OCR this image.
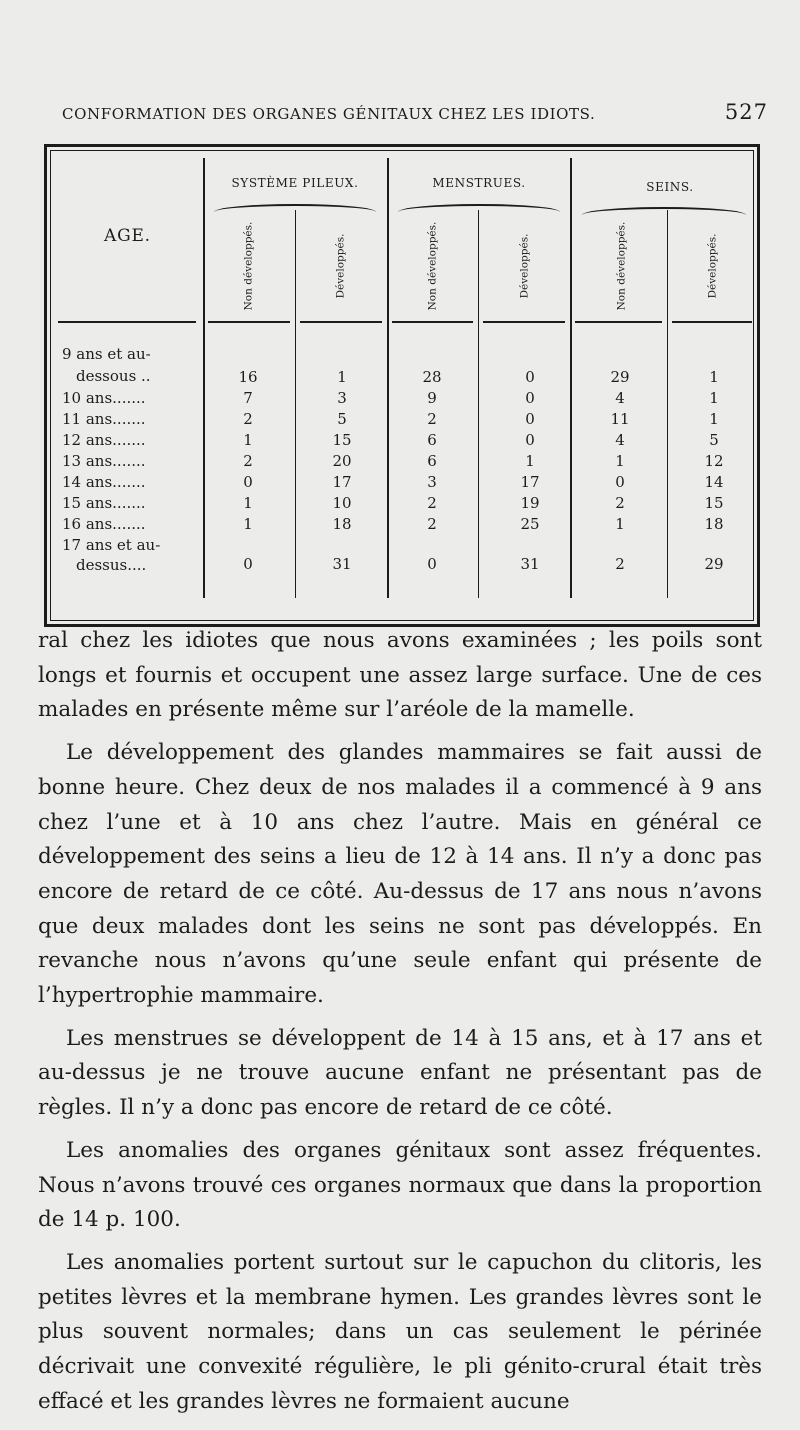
CONFORMATION DES ORGANES GÉNITAUX CHEZ LES IDIOTS.	527
SYSTÈME PILEUX.	MENSTRUES.	SEINS.
AGE.	Non développés.	Développés.	Non développés.	Développés.	Non développés.	Développés.
9 ans et au-
dessous ..	16	1	28	0	29	1
10 ans.......	7	3	9	0	4	1
11 ans.......	2	5	2	0	11	1
12 ans.......	1	15	6	0	4	5
13 ans.......	2	20	6	1	1	12
14 ans.......	0	17	3	17	0	14
15 ans.......	1	10	2	19	2	15
16 ans.......	1	18	2	25	1	18
17 ans et au-
dessus....	0	31	0	31	2	29

ral chez les idiotes que nous avons examinées ; les poils sont longs et fournis et occupent une assez large surface. Une de ces malades en présente même sur l’aréole de la mamelle.

Le développement des glandes mammaires se fait aussi de bonne heure. Chez deux de nos malades il a commencé à 9 ans chez l’une et à 10 ans chez l’autre. Mais en général ce développement des seins a lieu de 12 à 14 ans. Il n’y a donc pas encore de retard de ce côté. Au-dessus de 17 ans nous n’avons que deux malades dont les seins ne sont pas développés. En revanche nous n’avons qu’une seule enfant qui présente de l’hypertrophie mammaire.

Les menstrues se développent de 14 à 15 ans, et à 17 ans et au-dessus je ne trouve aucune enfant ne présentant pas de règles. Il n’y a donc pas encore de retard de ce côté.

Les anomalies des organes génitaux sont assez fréquentes. Nous n’avons trouvé ces organes normaux que dans la proportion de 14 p. 100.

Les anomalies portent surtout sur le capuchon du clitoris, les petites lèvres et la membrane hymen. Les grandes lèvres sont le plus souvent normales; dans un cas seulement le périnée décrivait une convexité régulière, le pli génito-crural était très effacé et les grandes lèvres ne formaient aucune
